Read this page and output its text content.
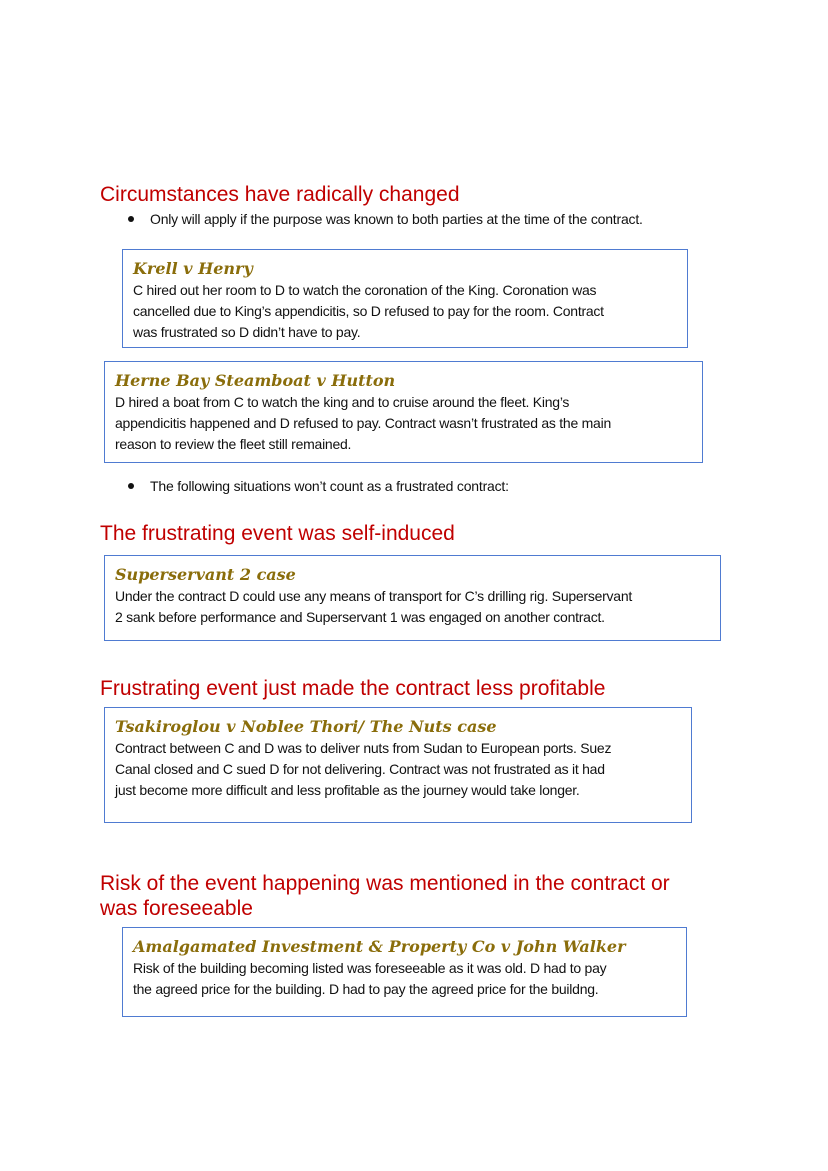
Circumstances have radically changed
Only will apply if the purpose was known to both parties at the time of the contract.
Krell v Henry
C hired out her room to D to watch the coronation of the King. Coronation was
cancelled due to King’s appendicitis, so D refused to pay for the room. Contract
was frustrated so D didn’t have to pay.
Herne Bay Steamboat v Hutton
D hired a boat from C to watch the king and to cruise around the fleet. King’s
appendicitis happened and D refused to pay. Contract wasn’t frustrated as the main
reason to review the fleet still remained.
The following situations won’t count as a frustrated contract:
The frustrating event was self-induced
Superservant 2 case
Under the contract D could use any means of transport for C’s drilling rig. Superservant
2 sank before performance and Superservant 1 was engaged on another contract.
Frustrating event just made the contract less profitable
Tsakiroglou v Noblee Thori/ The Nuts case
Contract between C and D was to deliver nuts from Sudan to European ports. Suez
Canal closed and C sued D for not delivering. Contract was not frustrated as it had
just become more difficult and less profitable as the journey would take longer.
Risk of the event happening was mentioned in the contract or
was foreseeable
Amalgamated Investment & Property Co v John Walker
Risk of the building becoming listed was foreseeable as it was old. D had to pay
the agreed price for the building. D had to pay the agreed price for the buildng.
